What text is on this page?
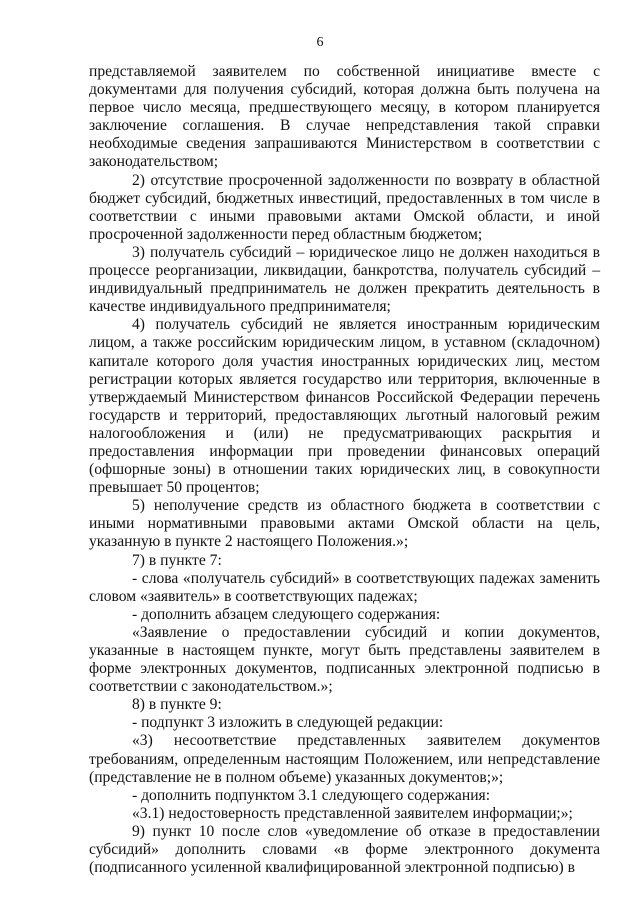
6

представляемой заявителем по собственной инициативе вместе с документами для получения субсидий, которая должна быть получена на первое число месяца, предшествующего месяцу, в котором планируется заключение соглашения. В случае непредставления такой справки необходимые сведения запрашиваются Министерством в соответствии с законодательством;

2) отсутствие просроченной задолженности по возврату в областной бюджет субсидий, бюджетных инвестиций, предоставленных в том числе в соответствии с иными правовыми актами Омской области, и иной просроченной задолженности перед областным бюджетом;

3) получатель субсидий – юридическое лицо не должен находиться в процессе реорганизации, ликвидации, банкротства, получатель субсидий – индивидуальный предприниматель не должен прекратить деятельность в качестве индивидуального предпринимателя;

4) получатель субсидий не является иностранным юридическим лицом, а также российским юридическим лицом, в уставном (складочном) капитале которого доля участия иностранных юридических лиц, местом регистрации которых является государство или территория, включенные в утверждаемый Министерством финансов Российской Федерации перечень государств и территорий, предоставляющих льготный налоговый режим налогообложения и (или) не предусматривающих раскрытия и предоставления информации при проведении финансовых операций (офшорные зоны) в отношении таких юридических лиц, в совокупности превышает 50 процентов;

5) неполучение средств из областного бюджета в соответствии с иными нормативными правовыми актами Омской области на цель, указанную в пункте 2 настоящего Положения.»;

7) в пункте 7:

- слова «получатель субсидий» в соответствующих падежах заменить словом «заявитель» в соответствующих падежах;

- дополнить абзацем следующего содержания:

«Заявление о предоставлении субсидий и копии документов, указанные в настоящем пункте, могут быть представлены заявителем в форме электронных документов, подписанных электронной подписью в соответствии с законодательством.»;

8) в пункте 9:

- подпункт 3 изложить в следующей редакции:

«3) несоответствие представленных заявителем документов требованиям, определенным настоящим Положением, или непредставление (представление не в полном объеме) указанных документов;»;

- дополнить подпунктом 3.1 следующего содержания:

«3.1) недостоверность представленной заявителем информации;»;

9) пункт 10 после слов «уведомление об отказе в предоставлении субсидий» дополнить словами «в форме электронного документа (подписанного усиленной квалифицированной электронной подписью) в
